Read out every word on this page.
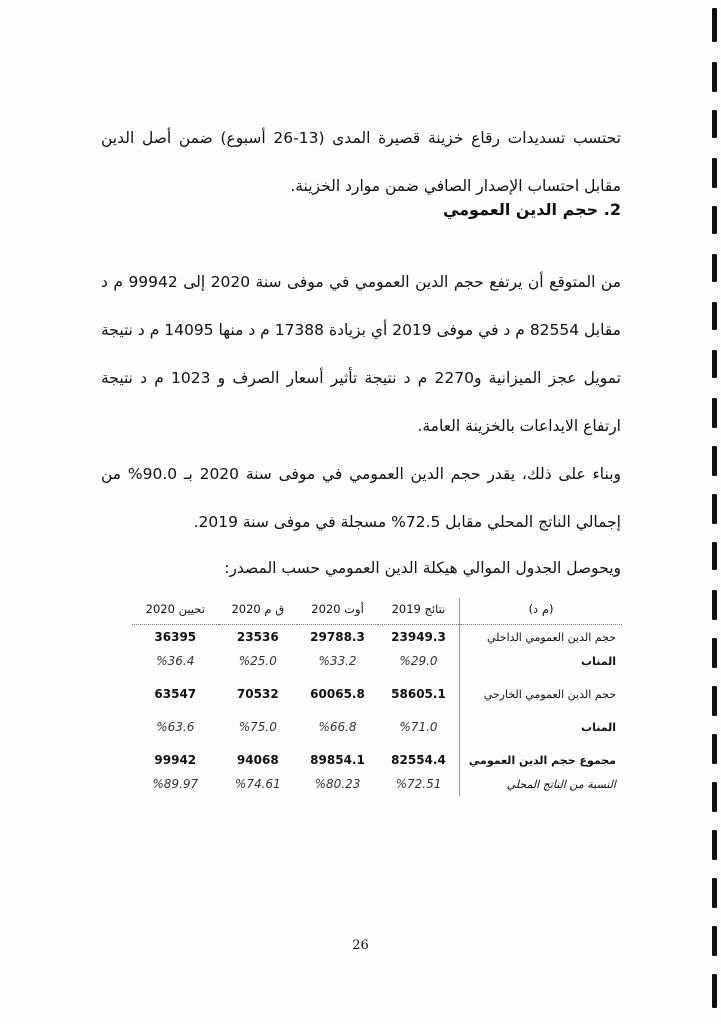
تحتسب تسديدات رقاع خزينة قصيرة المدى (13-26 أسبوع) ضمن أصل الدين مقابل احتساب الإصدار الصافي ضمن موارد الخزينة.

2. حجم الدين العمومي

من المتوقع أن يرتفع حجم الدين العمومي في موفى سنة 2020 إلى 99942 م د مقابل 82554 م د في موفى 2019 أي بزيادة 17388 م د منها 14095 م د نتيجة تمويل عجز الميزانية و2270 م د نتيجة تأثير أسعار الصرف و 1023 م د نتيجة ارتفاع الايداعات بالخزينة العامة.

وبناء على ذلك، يقدر حجم الدين العمومي في موفى سنة 2020 بـ 90.0% من إجمالي الناتج المحلي مقابل 72.5% مسجلة في موفى سنة 2019.

ويحوصل الجدول الموالي هيكلة الدين العمومي حسب المصدر:

(م د)	نتائج 2019	أوت 2020	ق م 2020	تحيين 2020
حجم الدين العمومي الداخلي	23949.3	29788.3	23536	36395
المناب	%29.0	%33.2	%25.0	%36.4
حجم الدين العمومي الخارجي	58605.1	60065.8	70532	63547
المناب	%71.0	%66.8	%75.0	%63.6
مجموع حجم الدين العمومي	82554.4	89854.1	94068	99942
النسبة من الناتج المحلي	%72.51	%80.23	%74.61	%89.97
26
